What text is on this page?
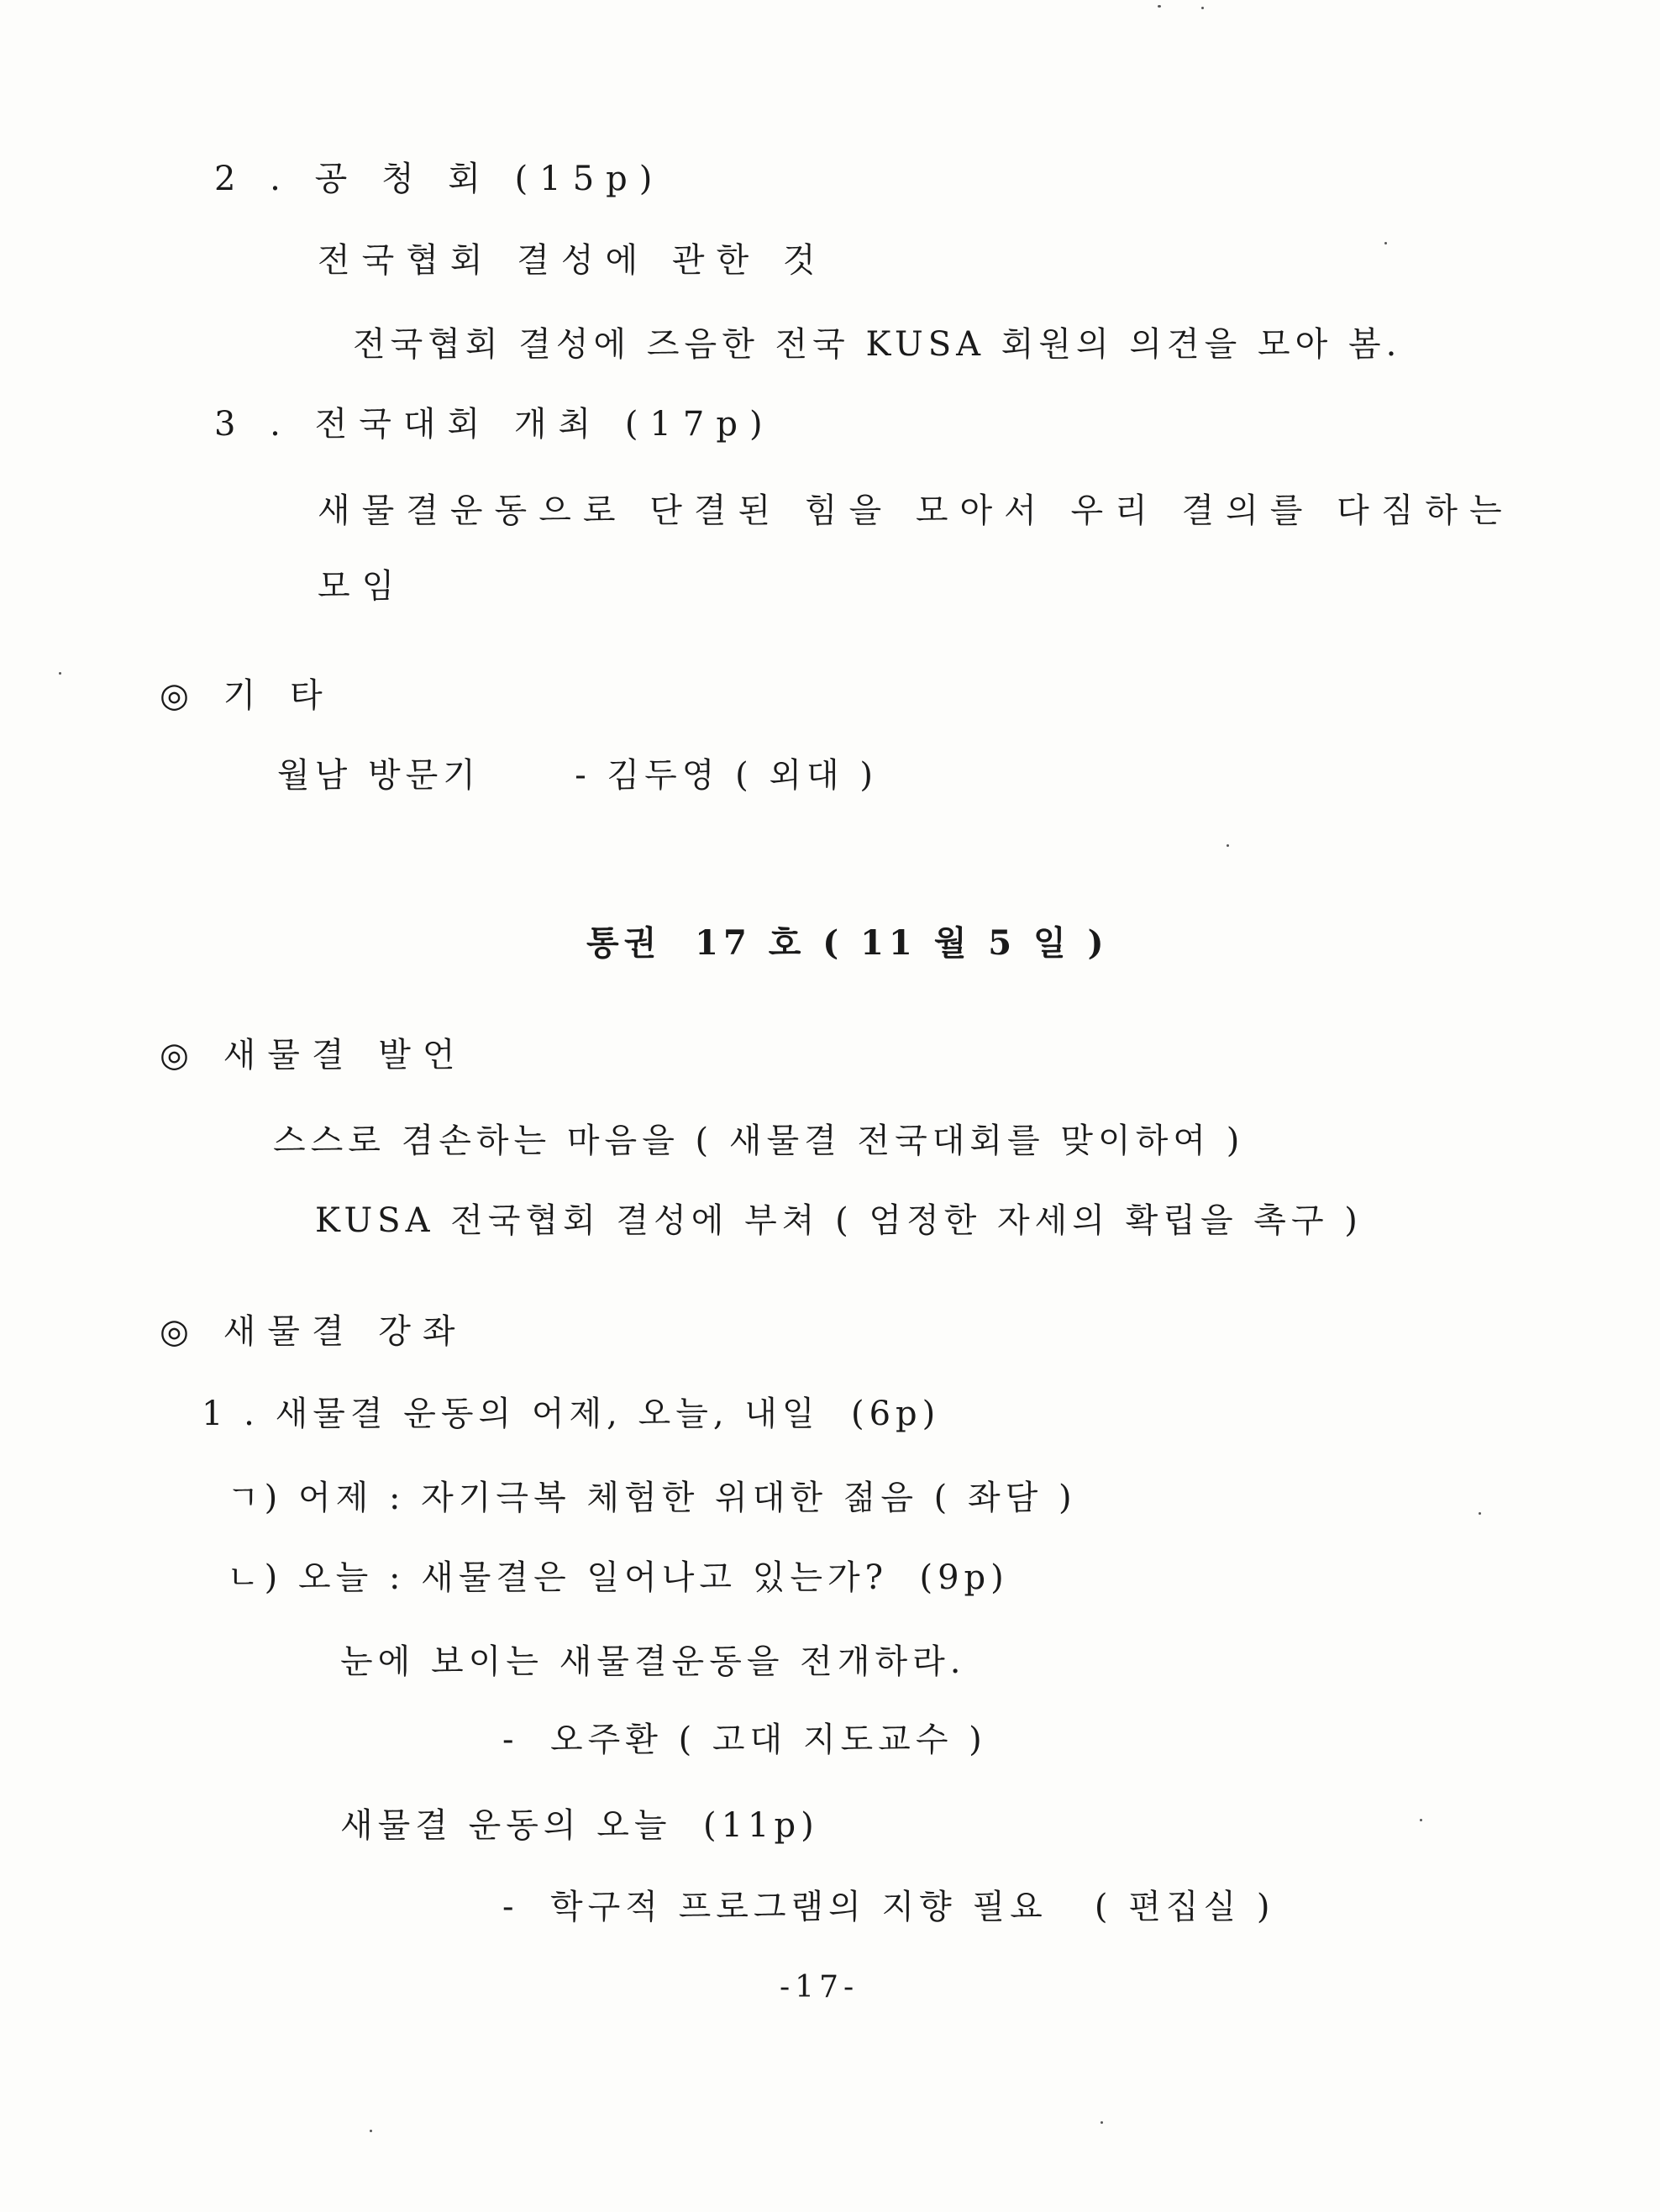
2 . 공 청 회 (15p)
전국협회 결성에 관한 것
전국협회 결성에 즈음한 전국 KUSA 회원의 의견을 모아 봄.
3 . 전국대회 개최 (17p)
새물결운동으로 단결된 힘을 모아서 우리 결의를 다짐하는
모임
◎ 기 타
월남 방문기      - 김두영 ( 외대 )
통권  17 호 ( 11 월 5 일 )
◎ 새물결 발언
스스로 겸손하는 마음을 ( 새물결 전국대회를 맞이하여 )
KUSA 전국협회 결성에 부쳐 ( 엄정한 자세의 확립을 촉구 )
◎ 새물결 강좌
1 . 새물결 운동의 어제, 오늘, 내일  (6p)
ㄱ) 어제 : 자기극복 체험한 위대한 젊음 ( 좌담 )
ㄴ) 오늘 : 새물결은 일어나고 있는가?  (9p)
눈에 보이는 새물결운동을 전개하라.
-  오주환 ( 고대 지도교수 )
새물결 운동의 오늘  (11p)
-  학구적 프로그램의 지향 필요   ( 편집실 )
-17-
